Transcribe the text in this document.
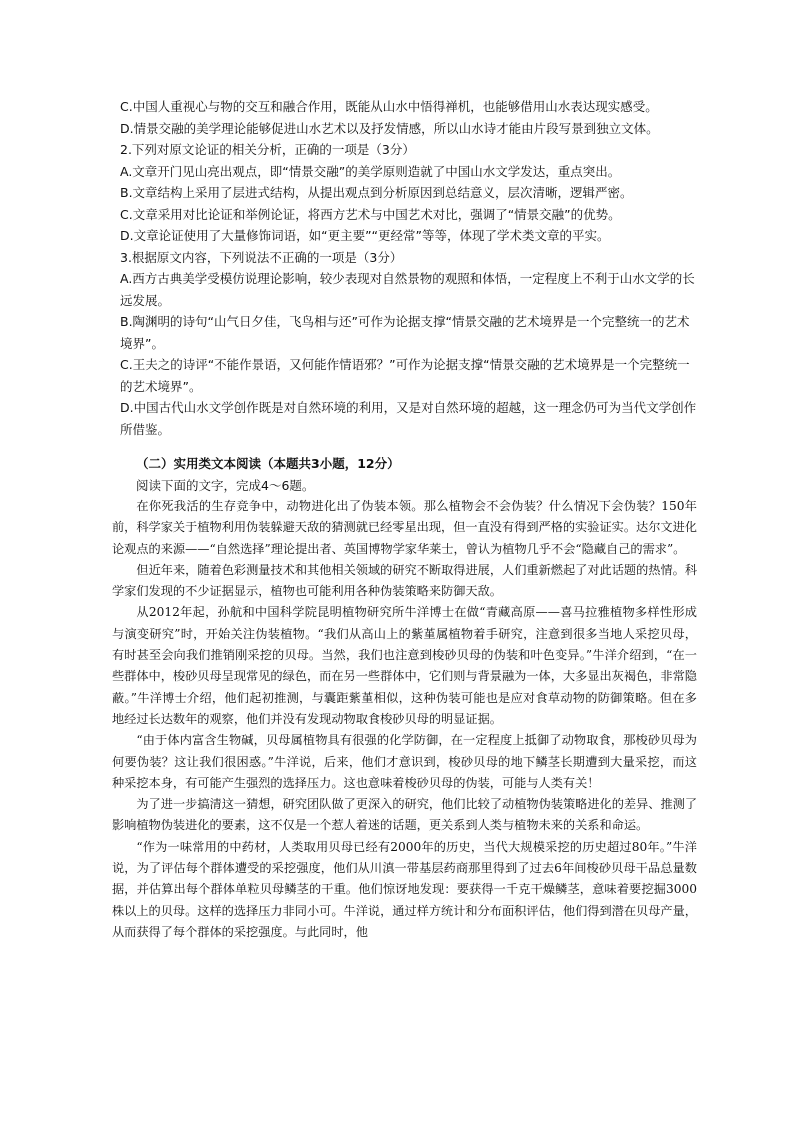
C.中国人重视心与物的交互和融合作用，既能从山水中悟得禅机，也能够借用山水表达现实感受。

D.情景交融的美学理论能够促进山水艺术以及抒发情感，所以山水诗才能由片段写景到独立文体。

2.下列对原文论证的相关分析，正确的一项是（3分）

A.文章开门见山亮出观点，即“情景交融”的美学原则造就了中国山水文学发达，重点突出。

B.文章结构上采用了层进式结构，从提出观点到分析原因到总结意义，层次清晰，逻辑严密。

C.文章采用对比论证和举例论证，将西方艺术与中国艺术对比，强调了“情景交融”的优势。

D.文章论证使用了大量修饰词语，如“更主要”“更经常”等等，体现了学术类文章的平实。

3.根据原文内容，下列说法不正确的一项是（3分）

A.西方古典美学受模仿说理论影响，较少表现对自然景物的观照和体悟，一定程度上不利于山水文学的长远发展。

B.陶渊明的诗句“山气日夕佳，飞鸟相与还”可作为论据支撑“情景交融的艺术境界是一个完整统一的艺术境界”。

C.王夫之的诗评“不能作景语，又何能作情语邪？”可作为论据支撑“情景交融的艺术境界是一个完整统一的艺术境界”。

D.中国古代山水文学创作既是对自然环境的利用，又是对自然环境的超越，这一理念仍可为当代文学创作所借鉴。

（二）实用类文本阅读（本题共3小题，12分）
阅读下面的文字，完成4～6题。

在你死我活的生存竞争中，动物进化出了伪装本领。那么植物会不会伪装？什么情况下会伪装？150年前，科学家关于植物利用伪装躲避天敌的猜测就已经零星出现，但一直没有得到严格的实验证实。达尔文进化论观点的来源——“自然选择”理论提出者、英国博物学家华莱士，曾认为植物几乎不会“隐藏自己的需求”。

但近年来，随着色彩测量技术和其他相关领域的研究不断取得进展，人们重新燃起了对此话题的热情。科学家们发现的不少证据显示，植物也可能利用各种伪装策略来防御天敌。

从2012年起，孙航和中国科学院昆明植物研究所牛洋博士在做“青藏高原——喜马拉雅植物多样性形成与演变研究”时，开始关注伪装植物。“我们从高山上的紫堇属植物着手研究，注意到很多当地人采挖贝母，有时甚至会向我们推销刚采挖的贝母。当然，我们也注意到梭砂贝母的伪装和叶色变异。”牛洋介绍到，“在一些群体中，梭砂贝母呈现常见的绿色，而在另一些群体中，它们则与背景融为一体，大多显出灰褐色，非常隐蔽。”牛洋博士介绍，他们起初推测，与囊距紫堇相似，这种伪装可能也是应对食草动物的防御策略。但在多地经过长达数年的观察，他们并没有发现动物取食梭砂贝母的明显证据。

“由于体内富含生物碱，贝母属植物具有很强的化学防御，在一定程度上抵御了动物取食，那梭砂贝母为何要伪装？这让我们很困惑。”牛洋说，后来，他们才意识到，梭砂贝母的地下鳞茎长期遭到大量采挖，而这种采挖本身，有可能产生强烈的选择压力。这也意味着梭砂贝母的伪装，可能与人类有关！

为了进一步搞清这一猜想，研究团队做了更深入的研究，他们比较了动植物伪装策略进化的差异、推测了影响植物伪装进化的要素，这不仅是一个惹人着迷的话题，更关系到人类与植物未来的关系和命运。

“作为一味常用的中药材，人类取用贝母已经有2000年的历史，当代大规模采挖的历史超过80年。”牛洋说，为了评估每个群体遭受的采挖强度，他们从川滇一带基层药商那里得到了过去6年间梭砂贝母干品总量数据，并估算出每个群体单粒贝母鳞茎的干重。他们惊讶地发现：要获得一千克干燥鳞茎，意味着要挖掘3000株以上的贝母。这样的选择压力非同小可。牛洋说，通过样方统计和分布面积评估，他们得到潜在贝母产量，从而获得了每个群体的采挖强度。与此同时，他
